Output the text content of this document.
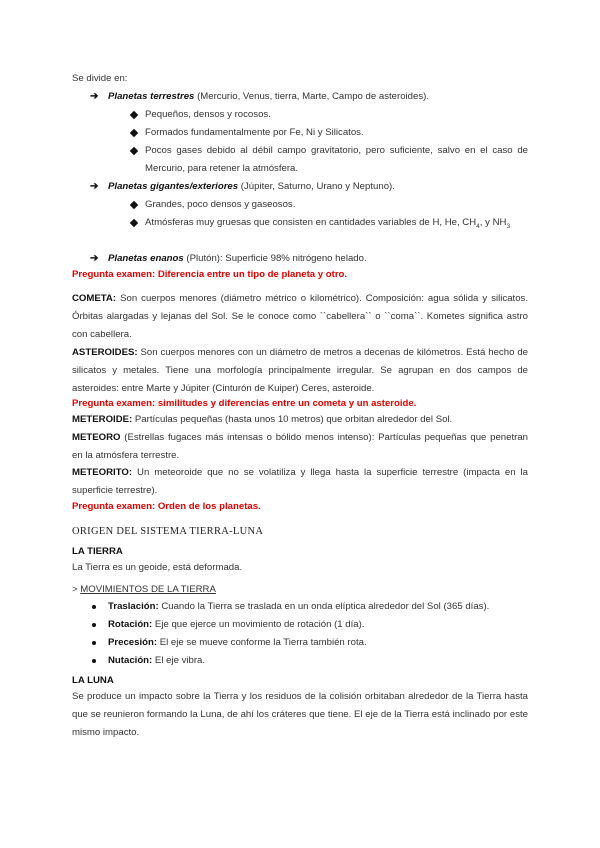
Se divide en:
➔ Planetas terrestres (Mercurio, Venus, tierra, Marte, Campo de asteroides).
Pequeños, densos y rocosos.
Formados fundamentalmente por Fe, Ni y Silicatos.
Pocos gases debido al débil campo gravitatorio, pero suficiente, salvo en el caso de Mercurio, para retener la atmósfera.
➔ Planetas gigantes/exteriores (Júpiter, Saturno, Urano y Neptuno).
Grandes, poco densos y gaseosos.
Atmósferas muy gruesas que consisten en cantidades variables de H, He, $CH_4$, y $NH_3$
➔ Planetas enanos (Plutón): Superficie 98% nitrógeno helado.
Pregunta examen: Diferencia entre un tipo de planeta y otro.
COMETA: Son cuerpos menores (diámetro métrico o kilométrico). Composición: agua sólida y silicatos. Órbitas alargadas y lejanas del Sol. Se le conoce como ``cabellera`` o ``coma``. Kometes significa astro con cabellera.
ASTEROIDES: Son cuerpos menores con un diámetro de metros a decenas de kilómetros. Está hecho de silicatos y metales. Tiene una morfología principalmente irregular. Se agrupan en dos campos de asteroides: entre Marte y Júpiter (Cinturón de Kuiper) Ceres, asteroide.
Pregunta examen: similitudes y diferencias entre un cometa y un asteroide.
METEROIDE: Partículas pequeñas (hasta unos 10 metros) que orbitan alrededor del Sol.
METEORO (Estrellas fugaces más intensas o bólido menos intenso): Partículas pequeñas que penetran en la atmósfera terrestre.
METEORITO: Un meteoroide que no se volatiliza y llega hasta la superficie terrestre (impacta en la superficie terrestre).
Pregunta examen: Orden de los planetas.
ORIGEN DEL SISTEMA TIERRA-LUNA
LA TIERRA
La Tierra es un geoide, está deformada.
> MOVIMIENTOS DE LA TIERRA
Traslación: Cuando la Tierra se traslada en un onda elíptica alrededor del Sol (365 días).
Rotación: Eje que ejerce un movimiento de rotación (1 día).
Precesión: El eje se mueve conforme la Tierra también rota.
Nutación: El eje vibra.
LA LUNA
Se produce un impacto sobre la Tierra y los residuos de la colisión orbitaban alrededor de la Tierra hasta que se reunieron formando la Luna, de ahí los cráteres que tiene. El eje de la Tierra está inclinado por este mismo impacto.
